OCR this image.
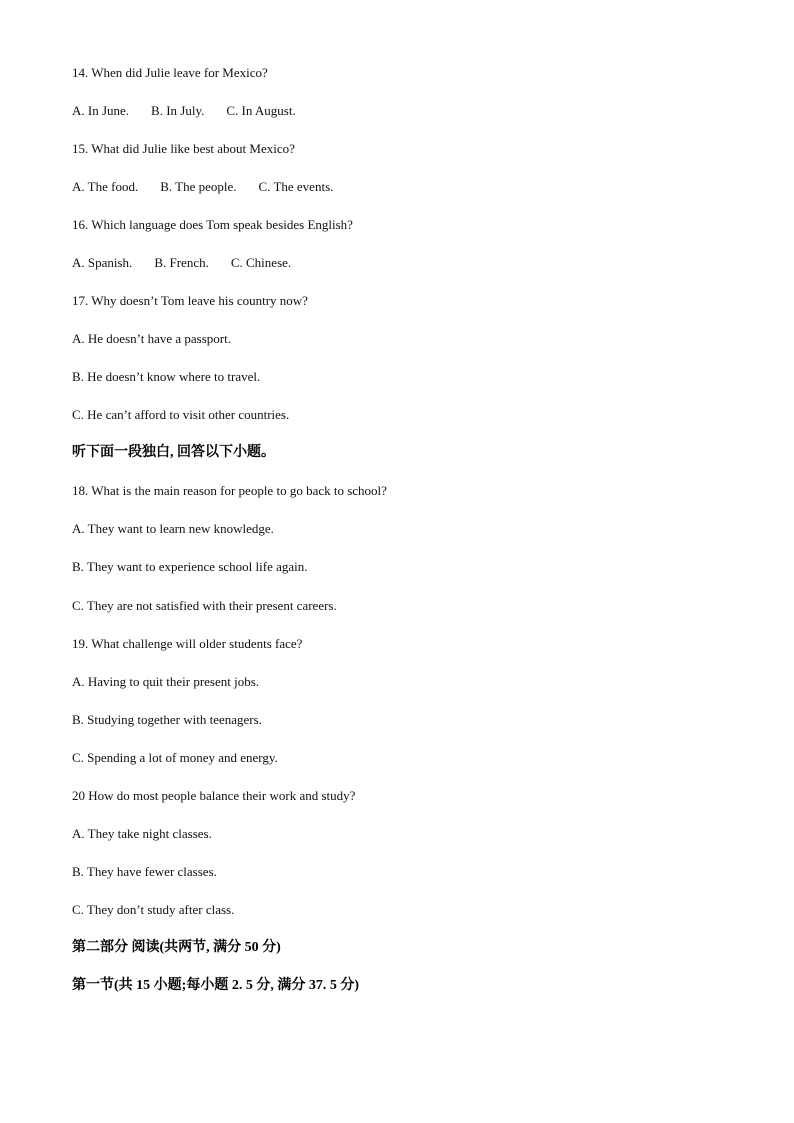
14. When did Julie leave for Mexico?

A. In June. B. In July. C. In August.

15. What did Julie like best about Mexico?

A. The food. B. The people. C. The events.

16. Which language does Tom speak besides English?

A. Spanish. B. French. C. Chinese.

17. Why doesn’t Tom leave his country now?

A. He doesn’t have a passport.

B. He doesn’t know where to travel.

C. He can’t afford to visit other countries.

听下面一段独白, 回答以下小题。

18. What is the main reason for people to go back to school?

A. They want to learn new knowledge.

B. They want to experience school life again.

C. They are not satisfied with their present careers.

19. What challenge will older students face?

A. Having to quit their present jobs.

B. Studying together with teenagers.

C. Spending a lot of money and energy.

20 How do most people balance their work and study?

A. They take night classes.

B. They have fewer classes.

C. They don’t study after class.

第二部分 阅读(共两节, 满分 50 分)

第一节(共 15 小题;每小题 2. 5 分, 满分 37. 5 分)
